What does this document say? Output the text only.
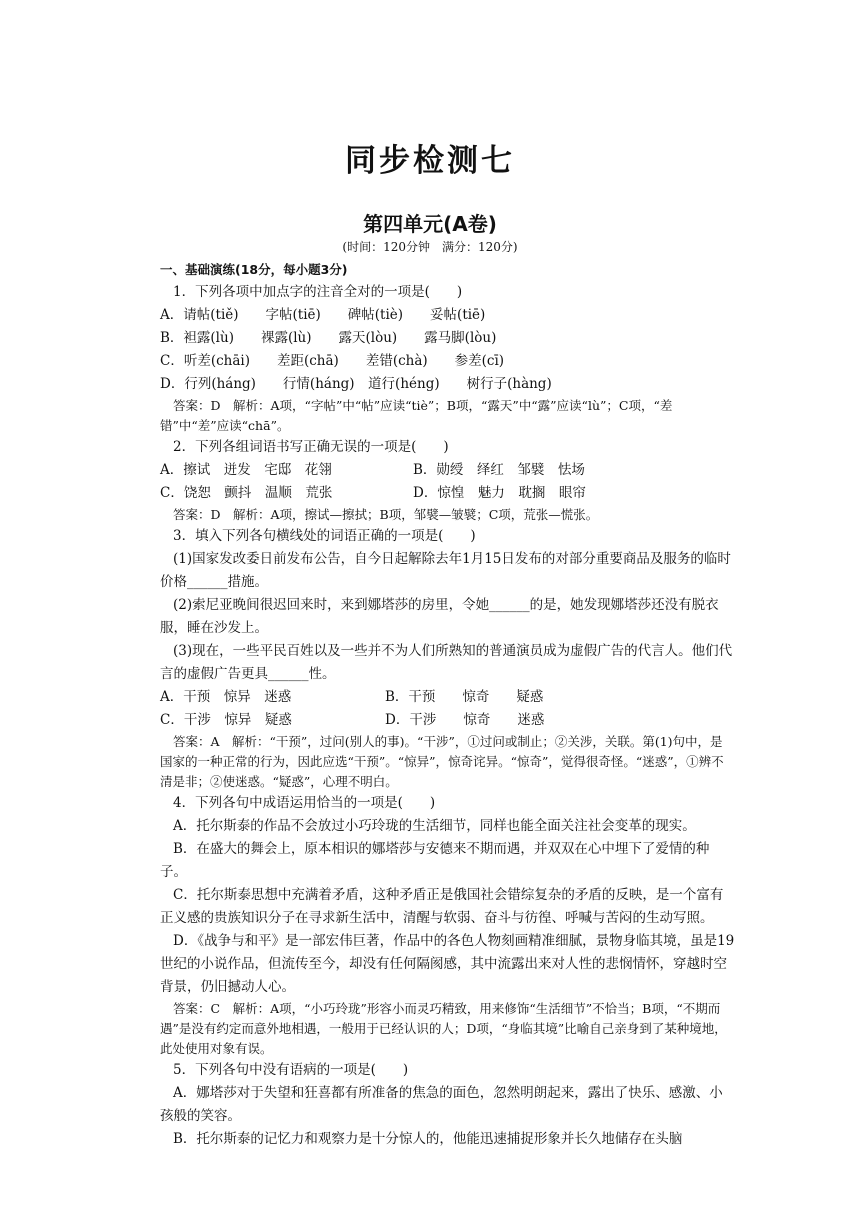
同步检测七
第四单元(A卷)
(时间：120分钟　满分：120分)

一、基础演练(18分，每小题3分)

1．下列各项中加点字的注音全对的一项是(　　)

A．请帖(tiě)　　字帖(tiē)　　碑帖(tiè)　　妥帖(tiē)

B．袒露(lù)　　裸露(lù)　　露天(lòu)　　露马脚(lòu)

C．听差(chāi)　　差距(chā)　　差错(chà)　　参差(cī)

D．行列(háng)　　行情(háng)　道行(héng)　　树行子(hàng)

答案：D　解析：A项，“字帖”中“帖”应读“tiè”；B项，“露天”中“露”应读“lù”；C项，“差错”中“差”应读“chā”。

2．下列各组词语书写正确无误的一项是(　　)

A．擦试　迸发　宅邸　花翎	B．勋绶　绎红　邹襞　怯场
C．饶恕　颤抖　温顺　荒张	D．惊惶　魅力　耽搁　眼帘

答案：D　解析：A项，擦试—擦拭；B项，邹襞—皱襞；C项，荒张—慌张。

3．填入下列各句横线处的词语正确的一项是(　　)

(1)国家发改委日前发布公告，自今日起解除去年1月15日发布的对部分重要商品及服务的临时价格______措施。

(2)索尼亚晚间很迟回来时，来到娜塔莎的房里，令她______的是，她发现娜塔莎还没有脱衣服，睡在沙发上。

(3)现在，一些平民百姓以及一些并不为人们所熟知的普通演员成为虚假广告的代言人。他们代言的虚假广告更具______性。

A．干预　惊异　迷惑	B．干预　　惊奇　　疑惑
C．干涉　惊异　疑惑	D．干涉　　惊奇　　迷惑

答案：A　解析：“干预”，过问(别人的事)。“干涉”，①过问或制止；②关涉，关联。第(1)句中，是国家的一种正常的行为，因此应选“干预”。“惊异”，惊奇诧异。“惊奇”，觉得很奇怪。“迷惑”，①辨不清是非；②使迷惑。“疑惑”，心理不明白。

4．下列各句中成语运用恰当的一项是(　　)

A．托尔斯泰的作品不会放过小巧玲珑的生活细节，同样也能全面关注社会变革的现实。

B．在盛大的舞会上，原本相识的娜塔莎与安德来不期而遇，并双双在心中埋下了爱情的种子。

C．托尔斯泰思想中充满着矛盾，这种矛盾正是俄国社会错综复杂的矛盾的反映，是一个富有正义感的贵族知识分子在寻求新生活中，清醒与软弱、奋斗与彷徨、呼喊与苦闷的生动写照。

D．《战争与和平》是一部宏伟巨著，作品中的各色人物刻画精准细腻，景物身临其境，虽是19世纪的小说作品，但流传至今，却没有任何隔阂感，其中流露出来对人性的悲悯情怀，穿越时空背景，仍旧撼动人心。

答案：C　解析：A项，“小巧玲珑”形容小而灵巧精致，用来修饰“生活细节”不恰当；B项，“不期而遇”是没有约定而意外地相遇，一般用于已经认识的人；D项，“身临其境”比喻自己亲身到了某种境地，此处使用对象有误。

5．下列各句中没有语病的一项是(　　)

A．娜塔莎对于失望和狂喜都有所准备的焦急的面色，忽然明朗起来，露出了快乐、感激、小孩般的笑容。

B．托尔斯泰的记忆力和观察力是十分惊人的，他能迅速捕捉形象并长久地储存在头脑
